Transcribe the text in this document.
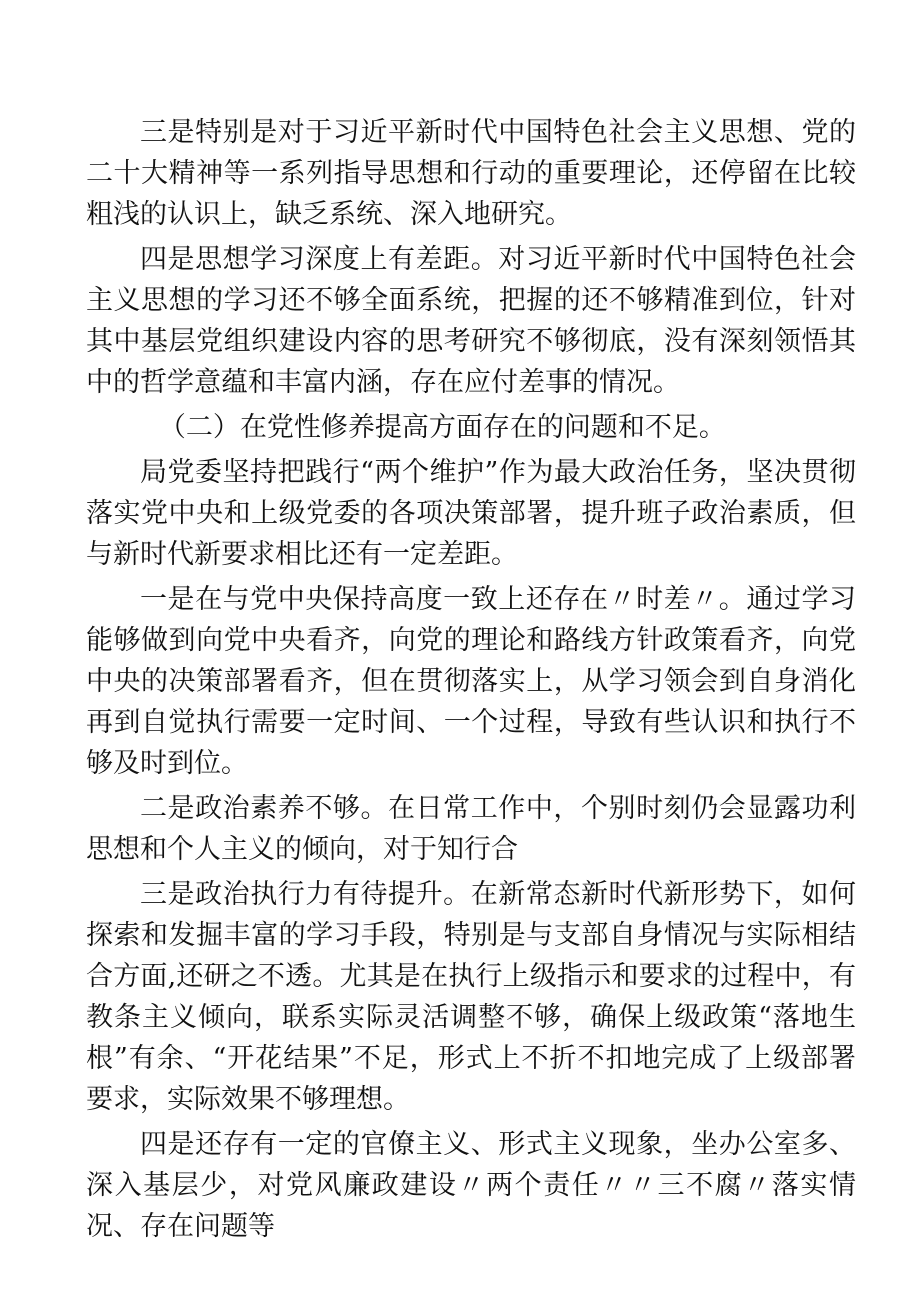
三是特别是对于习近平新时代中国特色社会主义思想、党的二十大精神等一系列指导思想和行动的重要理论，还停留在比较粗浅的认识上，缺乏系统、深入地研究。

四是思想学习深度上有差距。对习近平新时代中国特色社会主义思想的学习还不够全面系统，把握的还不够精准到位，针对其中基层党组织建设内容的思考研究不够彻底，没有深刻领悟其中的哲学意蕴和丰富内涵，存在应付差事的情况。

（二）在党性修养提高方面存在的问题和不足。

局党委坚持把践行“两个维护”作为最大政治任务，坚决贯彻落实党中央和上级党委的各项决策部署，提升班子政治素质，但与新时代新要求相比还有一定差距。

一是在与党中央保持高度一致上还存在〃时差〃。通过学习能够做到向党中央看齐，向党的理论和路线方针政策看齐，向党中央的决策部署看齐，但在贯彻落实上，从学习领会到自身消化再到自觉执行需要一定时间、一个过程，导致有些认识和执行不够及时到位。

二是政治素养不够。在日常工作中，个别时刻仍会显露功利思想和个人主义的倾向，对于知行合

三是政治执行力有待提升。在新常态新时代新形势下，如何探索和发掘丰富的学习手段，特别是与支部自身情况与实际相结合方面,还研之不透。尤其是在执行上级指示和要求的过程中，有教条主义倾向，联系实际灵活调整不够，确保上级政策“落地生根”有余、“开花结果”不足，形式上不折不扣地完成了上级部署要求，实际效果不够理想。

四是还存有一定的官僚主义、形式主义现象，坐办公室多、深入基层少，对党风廉政建设〃两个责任〃〃三不腐〃落实情况、存在问题等
